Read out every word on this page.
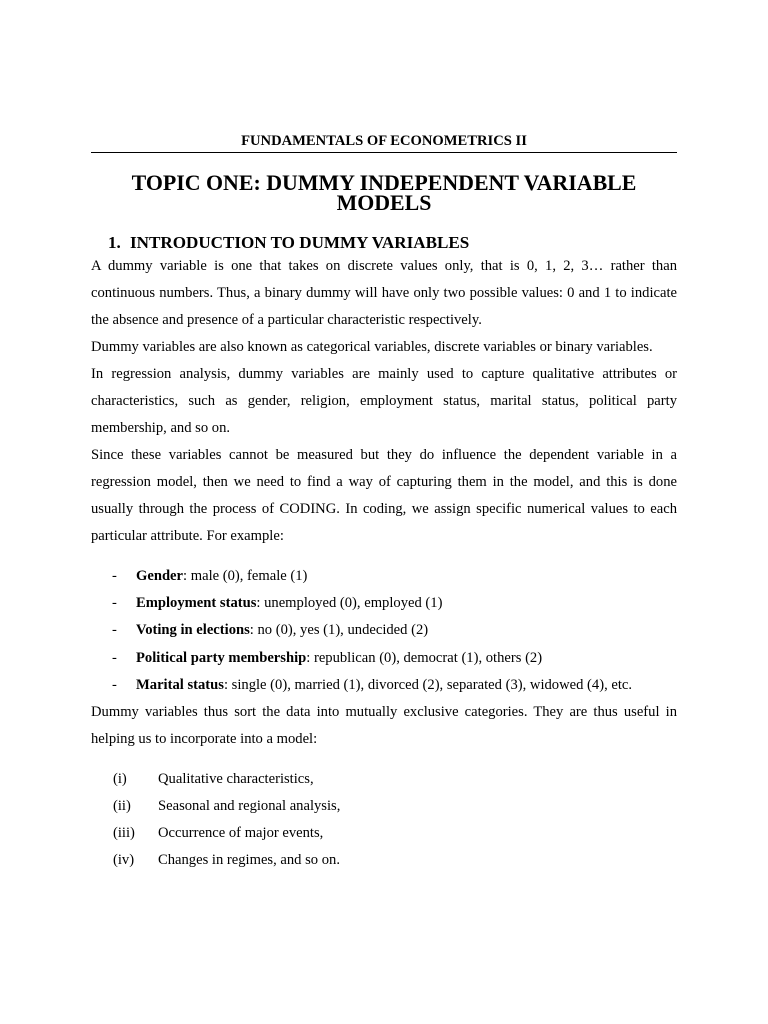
FUNDAMENTALS OF ECONOMETRICS II
TOPIC ONE: DUMMY INDEPENDENT VARIABLE MODELS
1. INTRODUCTION TO DUMMY VARIABLES

A dummy variable is one that takes on discrete values only, that is 0, 1, 2, 3… rather than continuous numbers. Thus, a binary dummy will have only two possible values: 0 and 1 to indicate the absence and presence of a particular characteristic respectively.

Dummy variables are also known as categorical variables, discrete variables or binary variables.

In regression analysis, dummy variables are mainly used to capture qualitative attributes or characteristics, such as gender, religion, employment status, marital status, political party membership, and so on.

Since these variables cannot be measured but they do influence the dependent variable in a regression model, then we need to find a way of capturing them in the model, and this is done usually through the process of CODING. In coding, we assign specific numerical values to each particular attribute. For example:

-	Gender: male (0), female (1)
-	Employment status: unemployed (0), employed (1)
-	Voting in elections: no (0), yes (1), undecided (2)
-	Political party membership: republican (0), democrat (1), others (2)
-	Marital status: single (0), married (1), divorced (2), separated (3), widowed (4), etc.

Dummy variables thus sort the data into mutually exclusive categories. They are thus useful in helping us to incorporate into a model:

(i)	Qualitative characteristics,
(ii)	Seasonal and regional analysis,
(iii)	Occurrence of major events,
(iv)	Changes in regimes, and so on.
